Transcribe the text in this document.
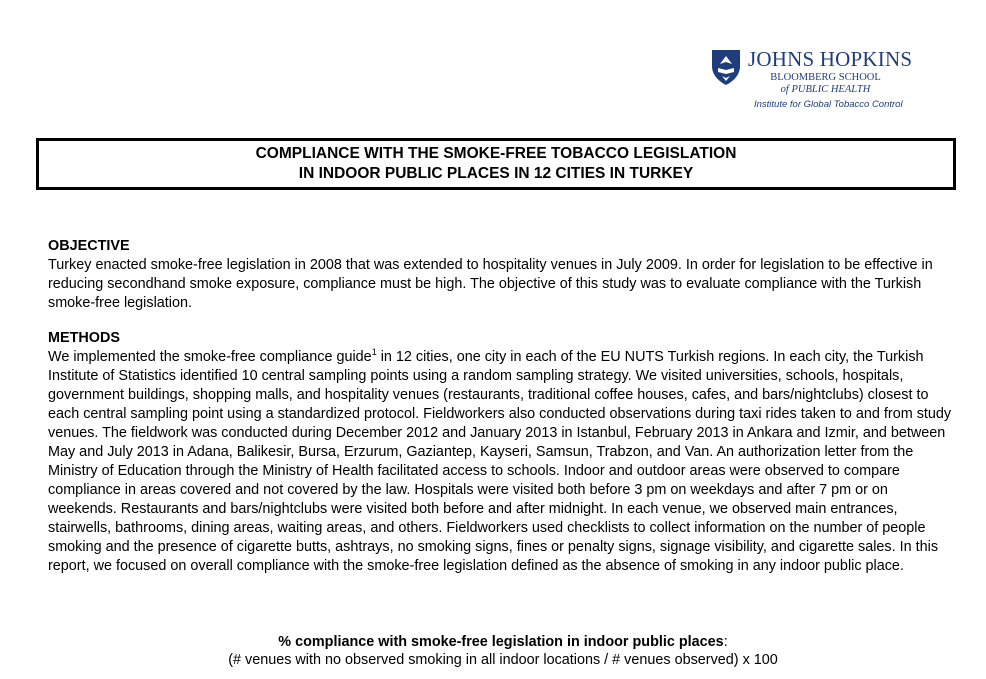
JOHNS HOPKINS
BLOOMBERG SCHOOL
of PUBLIC HEALTH
Institute for Global Tobacco Control
COMPLIANCE WITH THE SMOKE-FREE TOBACCO LEGISLATION
IN INDOOR PUBLIC PLACES IN 12 CITIES IN TURKEY
OBJECTIVE

Turkey enacted smoke-free legislation in 2008 that was extended to hospitality venues in July 2009. In order for legislation to be effective in reducing secondhand smoke exposure, compliance must be high. The objective of this study was to evaluate compliance with the Turkish smoke-free legislation.

METHODS

We implemented the smoke-free compliance guide$^1$ in 12 cities, one city in each of the EU NUTS Turkish regions. In each city, the Turkish Institute of Statistics identified 10 central sampling points using a random sampling strategy. We visited universities, schools, hospitals, government buildings, shopping malls, and hospitality venues (restaurants, traditional coffee houses, cafes, and bars/nightclubs) closest to each central sampling point using a standardized protocol. Fieldworkers also conducted observations during taxi rides taken to and from study venues. The fieldwork was conducted during December 2012 and January 2013 in Istanbul, February 2013 in Ankara and Izmir, and between May and July 2013 in Adana, Balikesir, Bursa, Erzurum, Gaziantep, Kayseri, Samsun, Trabzon, and Van. An authorization letter from the Ministry of Education through the Ministry of Health facilitated access to schools. Indoor and outdoor areas were observed to compare compliance in areas covered and not covered by the law. Hospitals were visited both before 3 pm on weekdays and after 7 pm or on weekends. Restaurants and bars/nightclubs were visited both before and after midnight. In each venue, we observed main entrances, stairwells, bathrooms, dining areas, waiting areas, and others. Fieldworkers used checklists to collect information on the number of people smoking and the presence of cigarette butts, ashtrays, no smoking signs, fines or penalty signs, signage visibility, and cigarette sales. In this report, we focused on overall compliance with the smoke-free legislation defined as the absence of smoking in any indoor public place.

% compliance with smoke-free legislation in indoor public places:
(# venues with no observed smoking in all indoor locations / # venues observed) x 100
